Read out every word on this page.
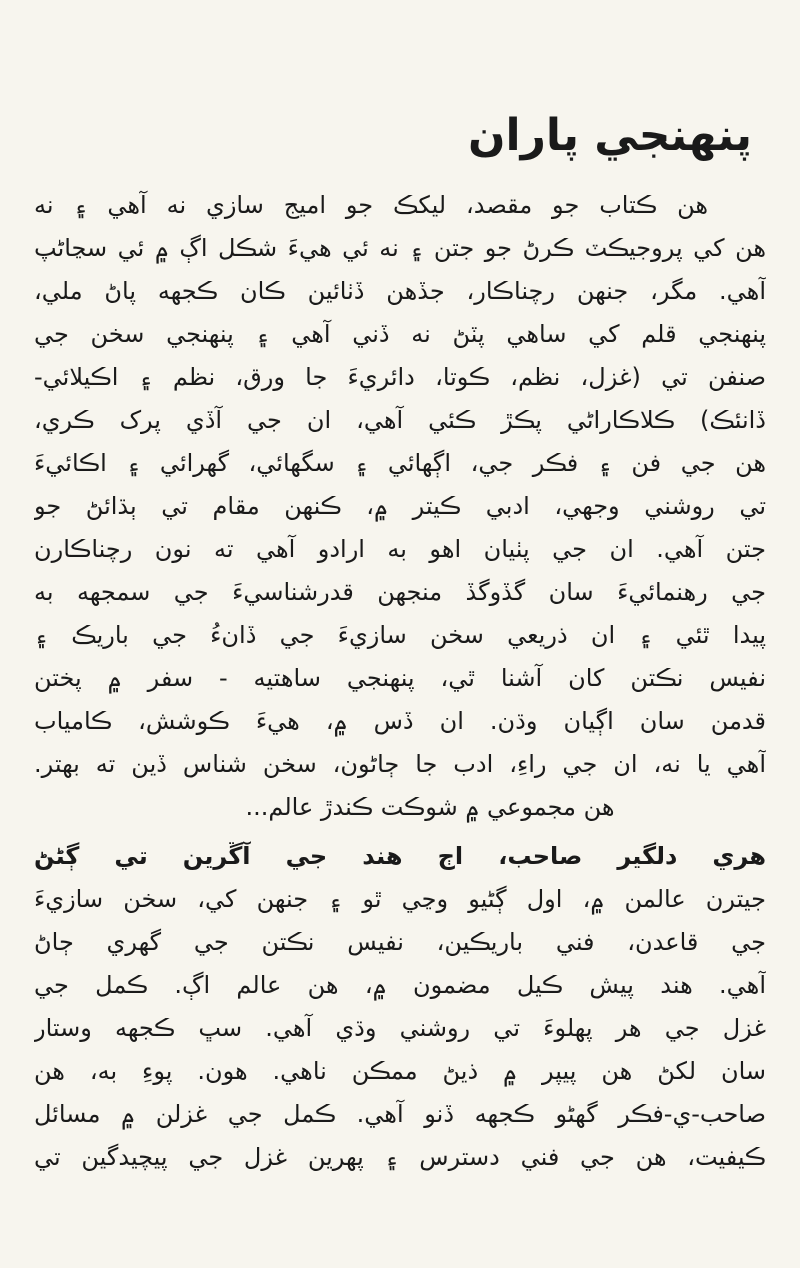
پنهنجي پاران
هن ڪتاب جو مقصد، ليکڪ جو اميج سازي نه آهي ۽ نه
هن کي پروجيڪٽ ڪرڻ جو جتن ۽ نه ئي هيءَ شڪل اڳ ۾ ئي سڃاڻپ
آهي. مگر، جنهن رچناڪار، جڏهن ڏٺائين ڪان ڪجهه پاڻ ملي،
پنهنجي قلم کي ساهي پٽڻ نه ڏني آهي ۽ پنهنجي سخن جي
صنفن تي (غزل، نظم، ڪوتا، دائريءَ جا ورق، نظم ۽ اڪيلائي-
ڏانئڪ) ڪلاڪاراڻي پڪڙ ڪئي آهي، ان جي آڏي پرک ڪري،
هن جي فن ۽ فڪر جي، اڳهائي ۽ سگهائي، گهرائي ۽ اڪائيءَ
تي روشني وجهي، ادبي ڪيتر ۾، ڪنهن مقام تي ٻڌائڻ جو
جتن آهي. ان جي پٺيان اهو به ارادو آهي ته نون رچناڪارن
جي رهنمائيءَ سان گڏوگڏ منجهن قدرشناسيءَ جي سمجهه به
پيدا ٿئي ۽ ان ذريعي سخن سازيءَ جي ڏانءُ جي باريڪ ۽
نفيس نڪتن کان آشنا ٿي، پنهنجي ساهتيه - سفر ۾ پختن
قدمن سان اڳيان وڌن. ان ڏس ۾، هيءَ ڪوشش، ڪامياب
آهي يا نه، ان جي راءِ، ادب جا ڄاڻون، سخن شناس ڏين ته بهتر.
هن مجموعي ۾ شوڪت ڪندڙ عالم...
هري دلگير صاحب، اڄ هند جي آڱرين تي ڳڻڻ
جيترن عالمن ۾، اول ڳڻيو وڃي ٿو ۽ جنهن کي، سخن سازيءَ
جي قاعدن، فني باريڪين، نفيس نڪتن جي گهري ڄاڻ
آهي. هند پيش ڪيل مضمون ۾، هن عالم اڳ. ڪمل جي
غزل جي هر پهلوءَ تي روشني وڌي آهي. سڀ ڪجهه وستار
سان لکڻ هن پيپر ۾ ذيڻ ممڪن ناهي. هون. پوءِ به، هن
صاحب-ي-فڪر گهڻو ڪجهه ڏنو آهي. ڪمل جي غزلن ۾ مسائل
ڪيفيت، هن جي فني دسترس ۽ پهرين غزل جي پيچيدگين تي
